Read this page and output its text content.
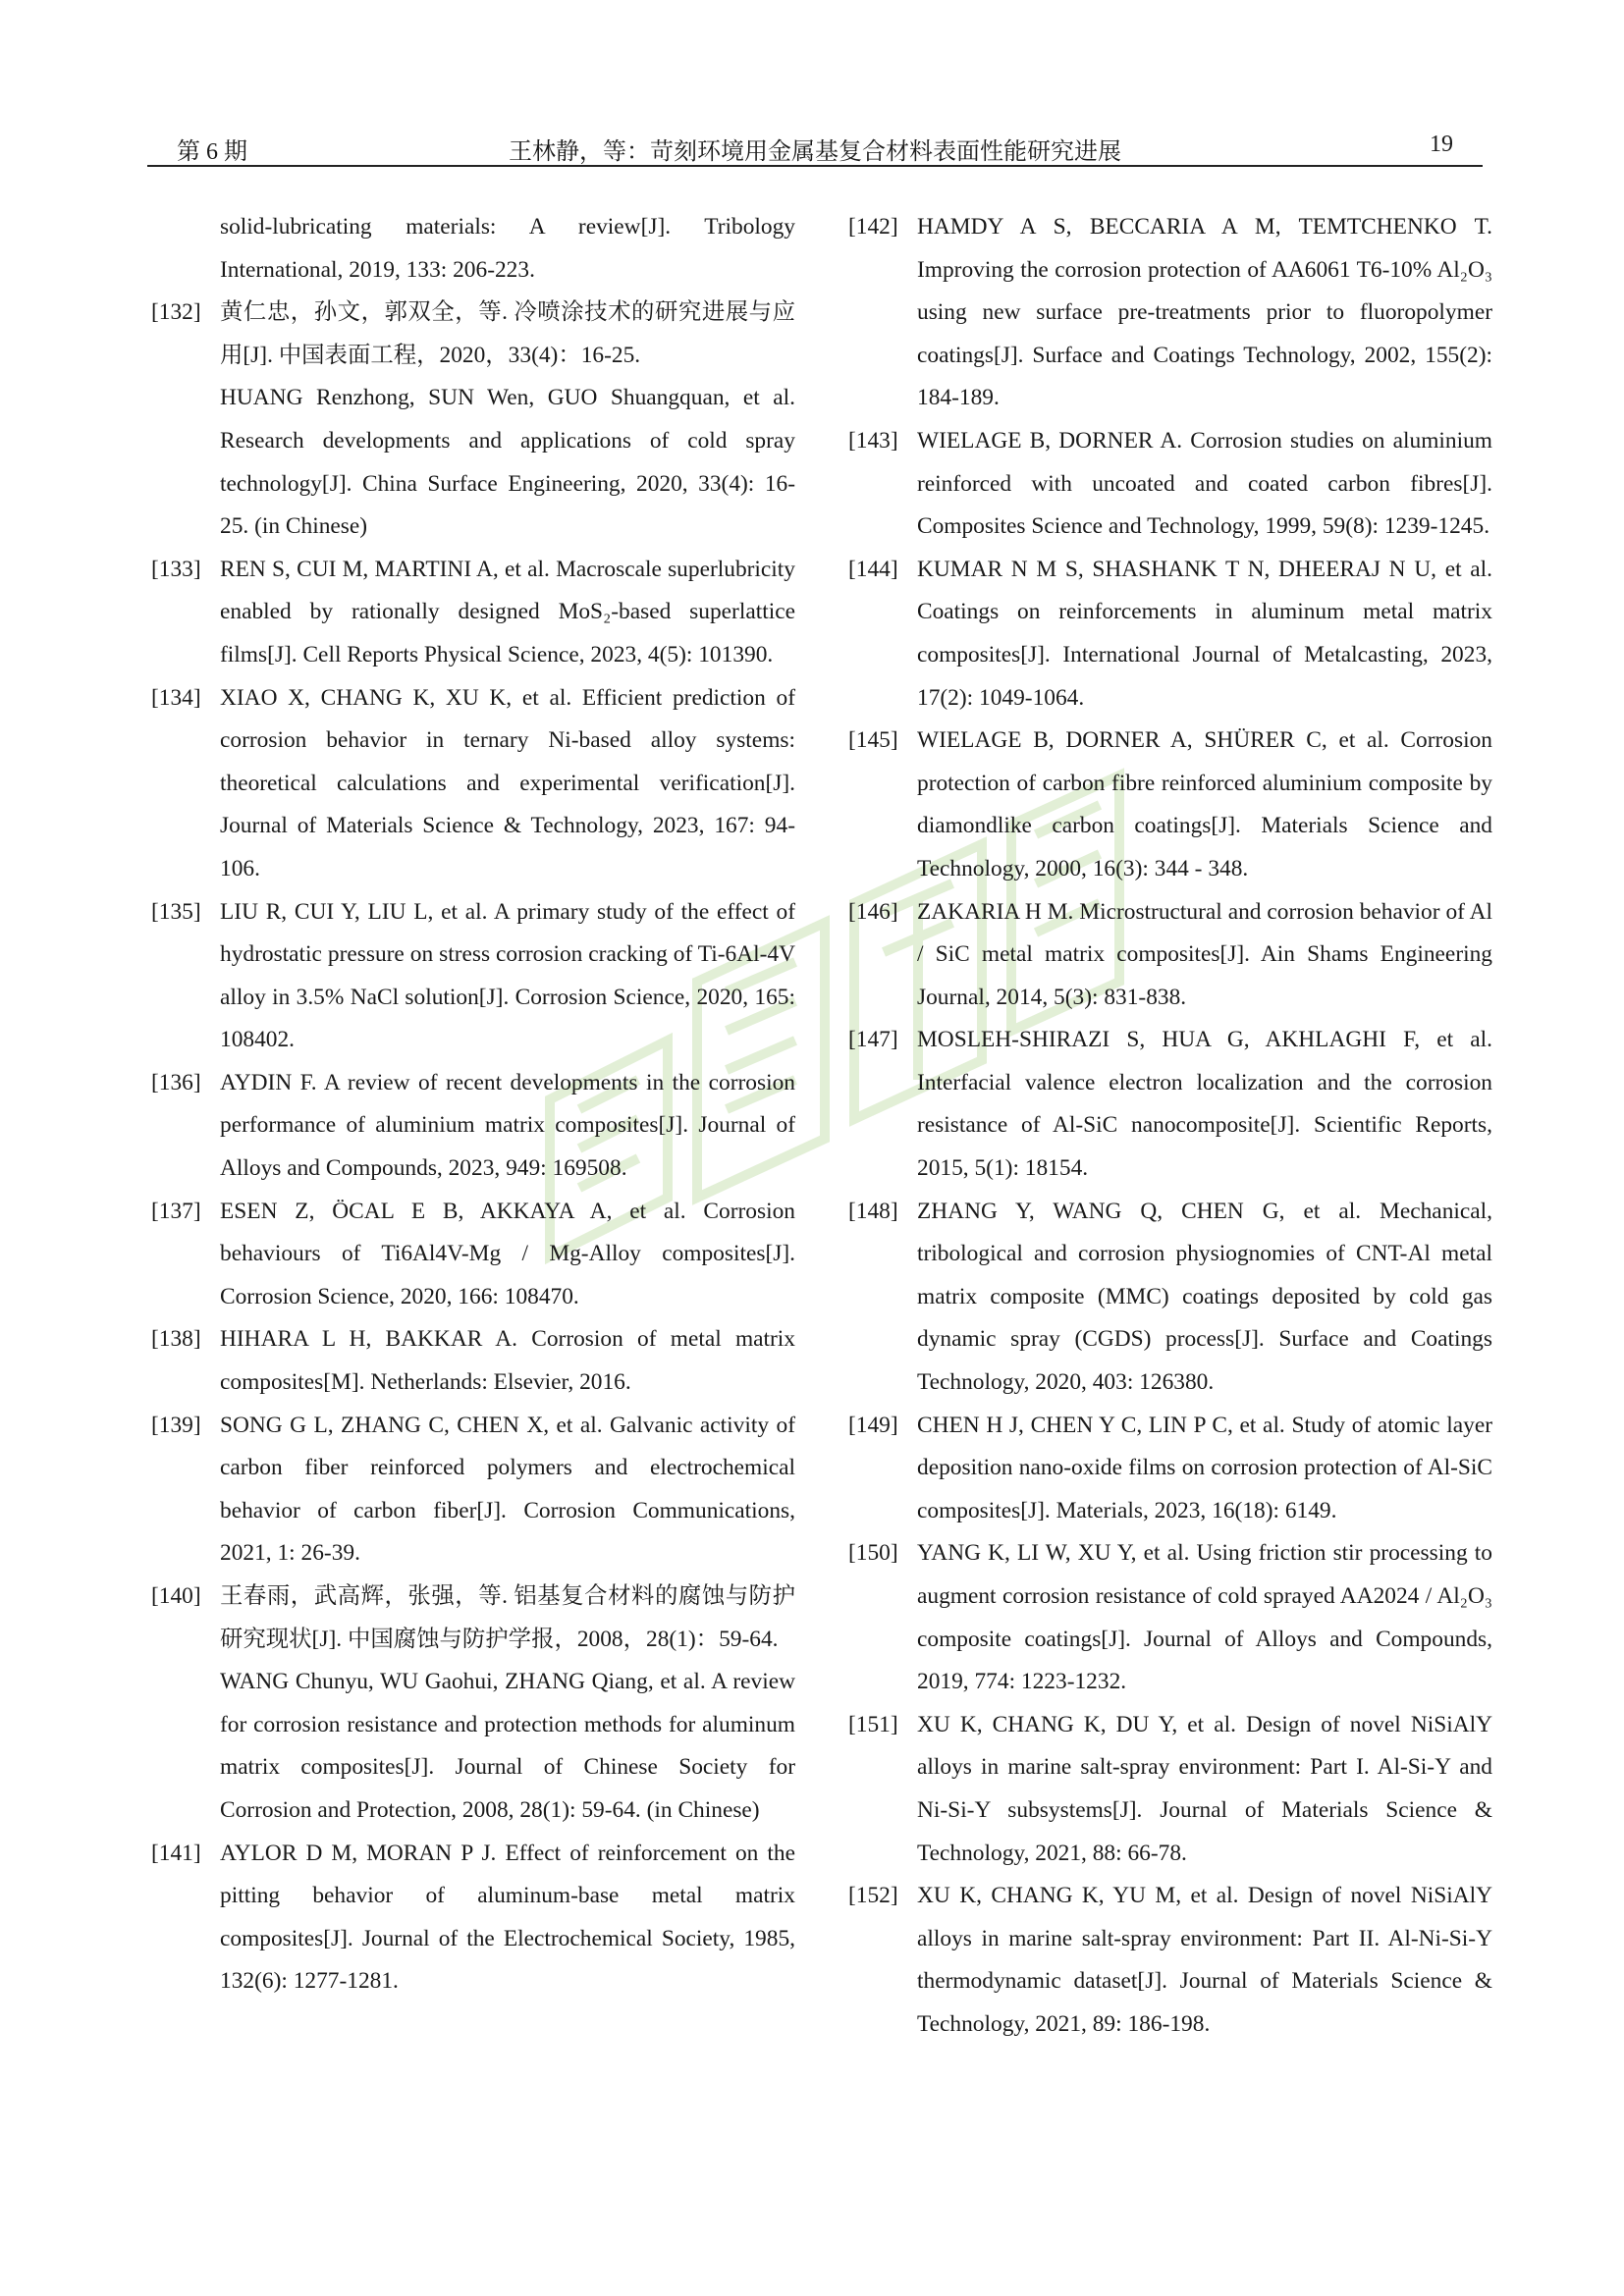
第 6 期	王林静，等：苛刻环境用金属基复合材料表面性能研究进展	19

solid-lubricating materials: A review[J]. Tribology International, 2019, 133: 206-223.

[132] 黄仁忠，孙文，郭双全，等. 冷喷涂技术的研究进展与应用[J]. 中国表面工程，2020，33(4)：16-25.

HUANG Renzhong, SUN Wen, GUO Shuangquan, et al. Research developments and applications of cold spray technology[J]. China Surface Engineering, 2020, 33(4): 16-25. (in Chinese)

[133] REN S, CUI M, MARTINI A, et al. Macroscale superlubricity enabled by rationally designed MoS₂-based superlattice films[J]. Cell Reports Physical Science, 2023, 4(5): 101390.

[134] XIAO X, CHANG K, XU K, et al. Efficient prediction of corrosion behavior in ternary Ni-based alloy systems: theoretical calculations and experimental verification[J]. Journal of Materials Science & Technology, 2023, 167: 94-106.

[135] LIU R, CUI Y, LIU L, et al. A primary study of the effect of hydrostatic pressure on stress corrosion cracking of Ti-6Al-4V alloy in 3.5% NaCl solution[J]. Corrosion Science, 2020, 165: 108402.

[136] AYDIN F. A review of recent developments in the corrosion performance of aluminium matrix composites[J]. Journal of Alloys and Compounds, 2023, 949: 169508.

[137] ESEN Z, ÖCAL E B, AKKAYA A, et al. Corrosion behaviours of Ti6Al4V-Mg / Mg-Alloy composites[J]. Corrosion Science, 2020, 166: 108470.

[138] HIHARA L H, BAKKAR A. Corrosion of metal matrix composites[M]. Netherlands: Elsevier, 2016.

[139] SONG G L, ZHANG C, CHEN X, et al. Galvanic activity of carbon fiber reinforced polymers and electrochemical behavior of carbon fiber[J]. Corrosion Communications, 2021, 1: 26-39.

[140] 王春雨，武高辉，张强，等. 铝基复合材料的腐蚀与防护研究现状[J]. 中国腐蚀与防护学报，2008，28(1)：59-64.

WANG Chunyu, WU Gaohui, ZHANG Qiang, et al. A review for corrosion resistance and protection methods for aluminum matrix composites[J]. Journal of Chinese Society for Corrosion and Protection, 2008, 28(1): 59-64. (in Chinese)

[141] AYLOR D M, MORAN P J. Effect of reinforcement on the pitting behavior of aluminum-base metal matrix composites[J]. Journal of the Electrochemical Society, 1985, 132(6): 1277-1281.

[142] HAMDY A S, BECCARIA A M, TEMTCHENKO T. Improving the corrosion protection of AA6061 T6-10% Al₂O₃ using new surface pre-treatments prior to fluoropolymer coatings[J]. Surface and Coatings Technology, 2002, 155(2): 184-189.

[143] WIELAGE B, DORNER A. Corrosion studies on aluminium reinforced with uncoated and coated carbon fibres[J]. Composites Science and Technology, 1999, 59(8): 1239-1245.

[144] KUMAR N M S, SHASHANK T N, DHEERAJ N U, et al. Coatings on reinforcements in aluminum metal matrix composites[J]. International Journal of Metalcasting, 2023, 17(2): 1049-1064.

[145] WIELAGE B, DORNER A, SHÜRER C, et al. Corrosion protection of carbon fibre reinforced aluminium composite by diamondlike carbon coatings[J]. Materials Science and Technology, 2000, 16(3): 344 - 348.

[146] ZAKARIA H M. Microstructural and corrosion behavior of Al / SiC metal matrix composites[J]. Ain Shams Engineering Journal, 2014, 5(3): 831-838.

[147] MOSLEH-SHIRAZI S, HUA G, AKHLAGHI F, et al. Interfacial valence electron localization and the corrosion resistance of Al-SiC nanocomposite[J]. Scientific Reports, 2015, 5(1): 18154.

[148] ZHANG Y, WANG Q, CHEN G, et al. Mechanical, tribological and corrosion physiognomies of CNT-Al metal matrix composite (MMC) coatings deposited by cold gas dynamic spray (CGDS) process[J]. Surface and Coatings Technology, 2020, 403: 126380.

[149] CHEN H J, CHEN Y C, LIN P C, et al. Study of atomic layer deposition nano-oxide films on corrosion protection of Al-SiC composites[J]. Materials, 2023, 16(18): 6149.

[150] YANG K, LI W, XU Y, et al. Using friction stir processing to augment corrosion resistance of cold sprayed AA2024 / Al₂O₃ composite coatings[J]. Journal of Alloys and Compounds, 2019, 774: 1223-1232.

[151] XU K, CHANG K, DU Y, et al. Design of novel NiSiAlY alloys in marine salt-spray environment: Part I. Al-Si-Y and Ni-Si-Y subsystems[J]. Journal of Materials Science & Technology, 2021, 88: 66-78.

[152] XU K, CHANG K, YU M, et al. Design of novel NiSiAlY alloys in marine salt-spray environment: Part II. Al-Ni-Si-Y thermodynamic dataset[J]. Journal of Materials Science & Technology, 2021, 89: 186-198.
